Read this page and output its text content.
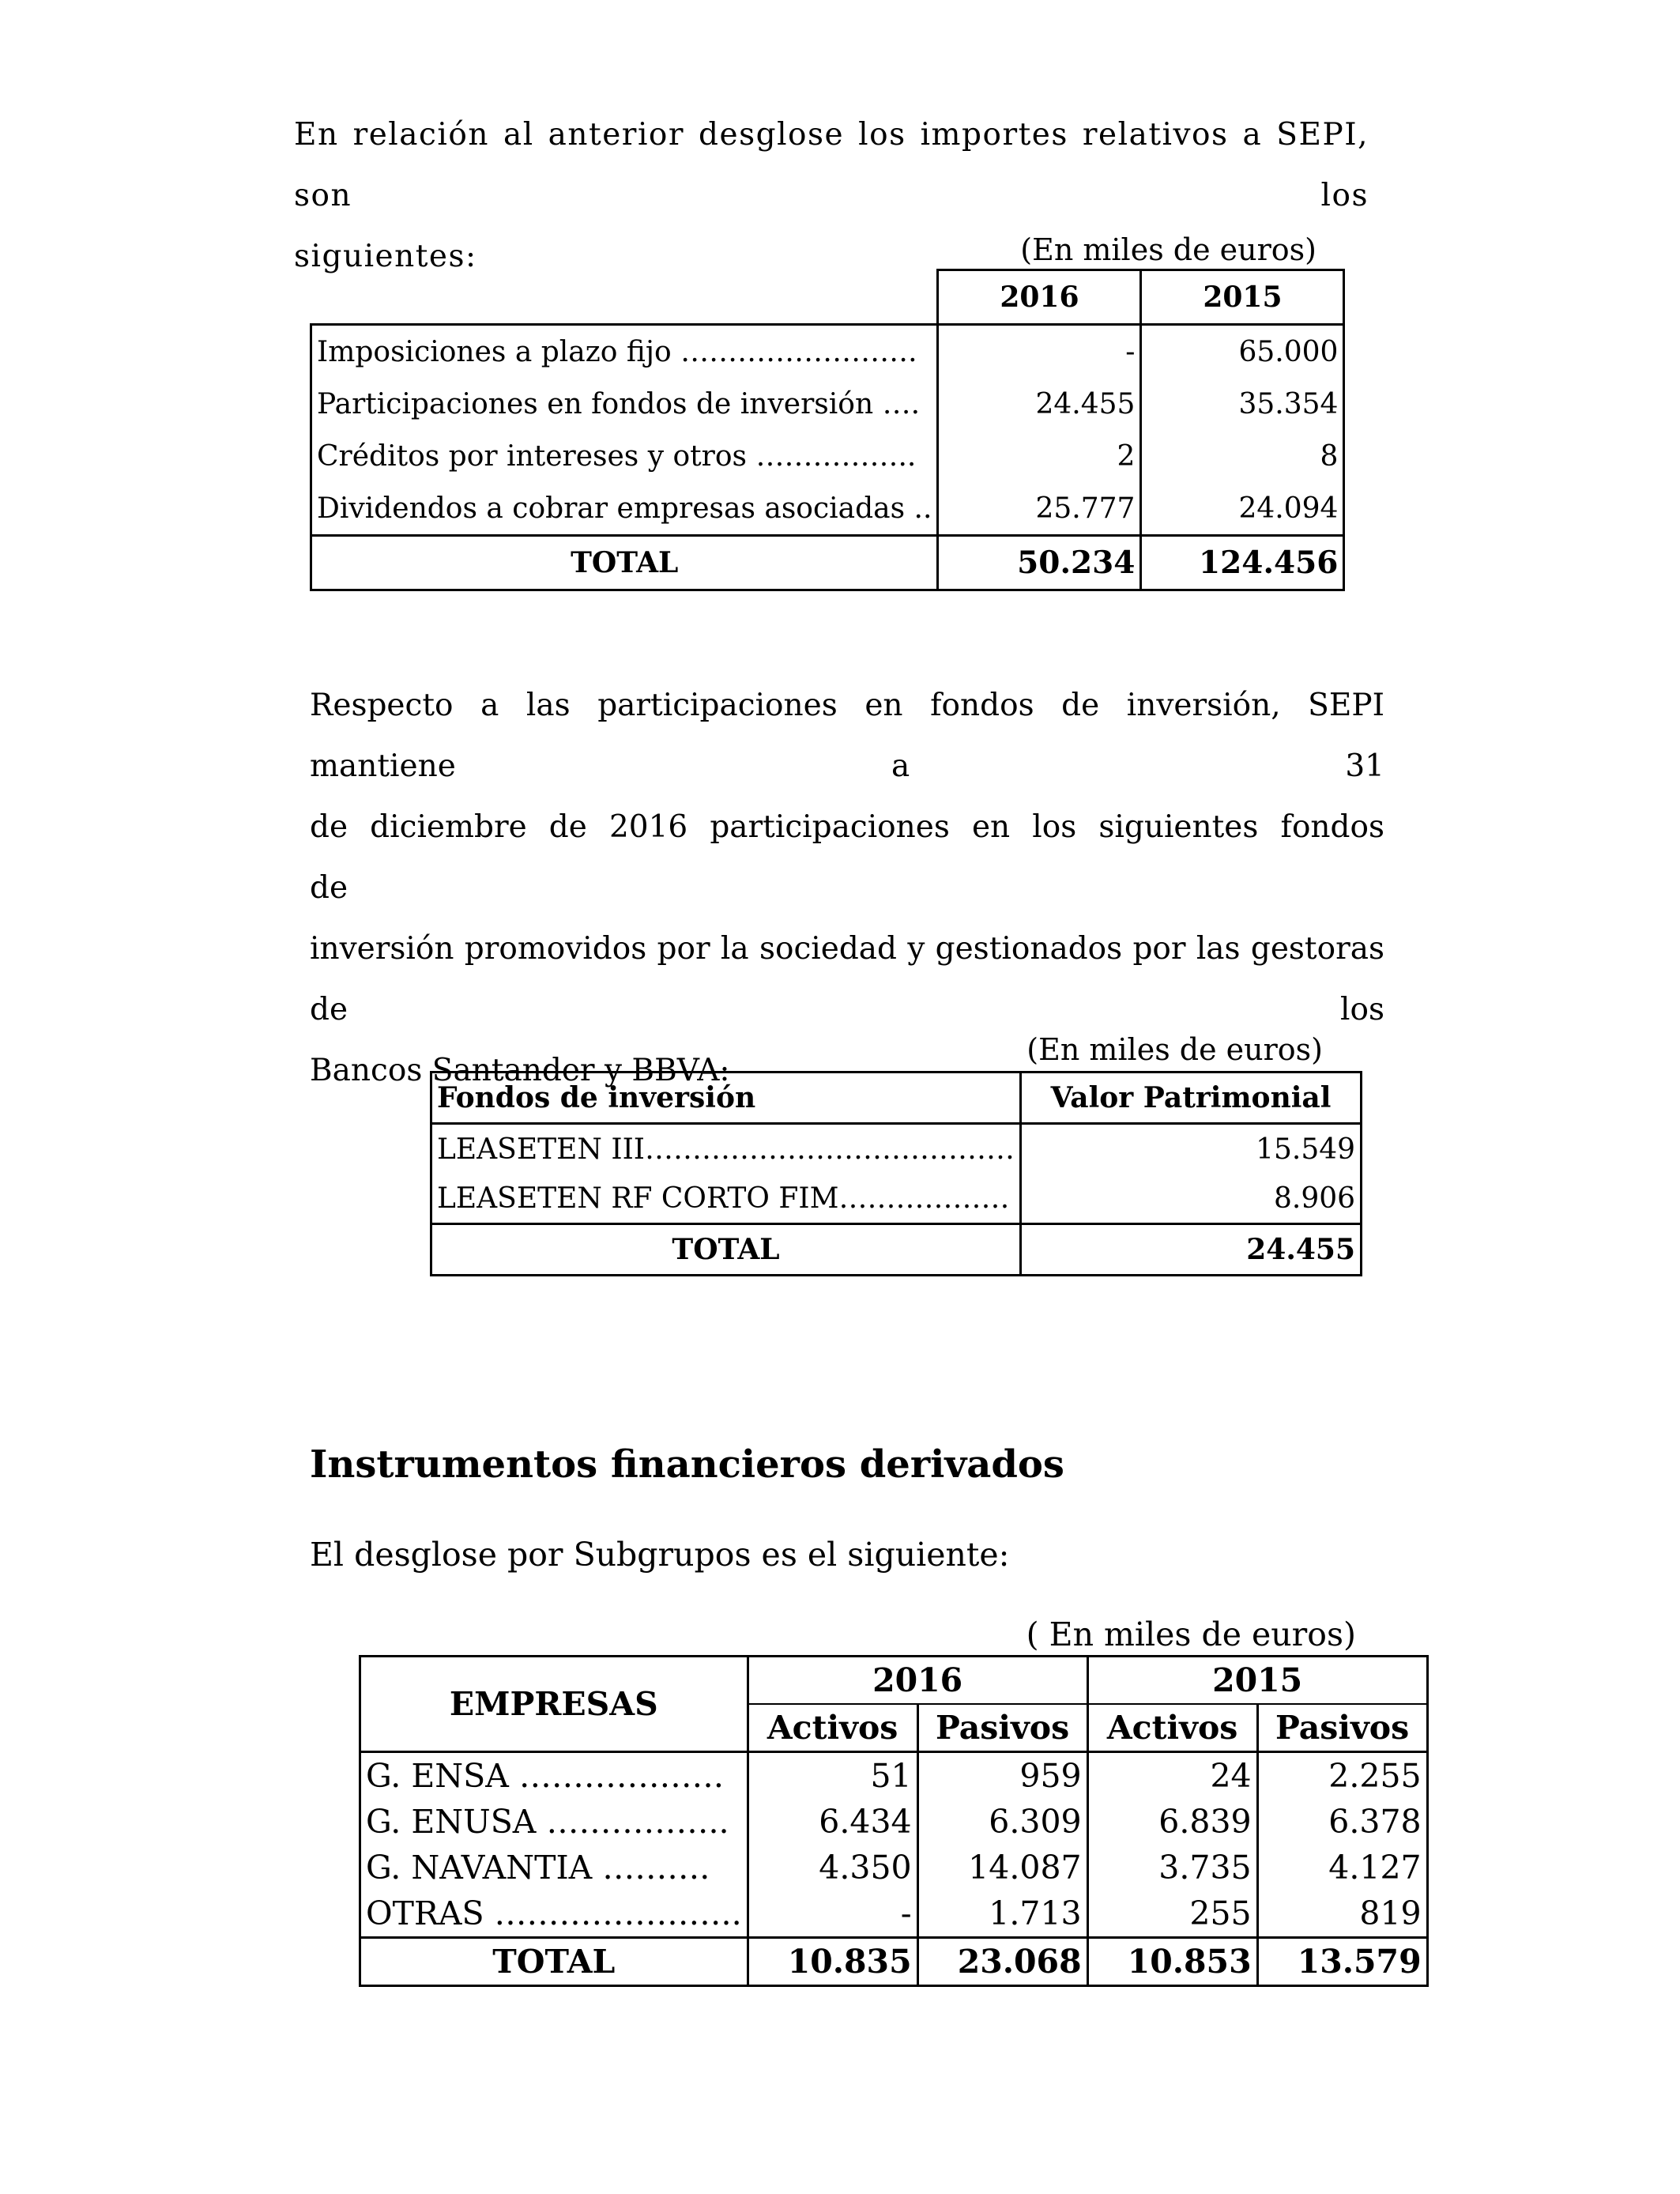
En relación al anterior desglose los importes relativos a SEPI, son los
siguientes:	(En miles de euros)
	2016	2015
Imposiciones a plazo fijo …………………….	-	65.000
Participaciones en fondos de inversión ….	24.455	35.354
Créditos por intereses y otros ……………..	2	8
Dividendos a cobrar empresas asociadas ..	25.777	24.094
TOTAL	50.234	124.456
Respecto a las participaciones en fondos de inversión, SEPI mantiene a 31
de diciembre de 2016 participaciones en los siguientes fondos de
inversión promovidos por la sociedad y gestionados por las gestoras de los
Bancos Santander y BBVA:
(En miles de euros)
Fondos de inversión	Valor Patrimonial
LEASETEN III…………………………………	15.549
LEASETEN RF CORTO FIM………………	8.906
TOTAL	24.455
Instrumentos financieros derivados
El desglose por Subgrupos es el siguiente:
( En miles de euros)
EMPRESAS	2016		2015	
	Activos	Pasivos	Activos	Pasivos
G. ENSA ……………….	51	959	24	2.255
G. ENUSA ……………..	6.434	6.309	6.839	6.378
G. NAVANTIA ……….	4.350	14.087	3.735	4.127
OTRAS …………………..	-	1.713	255	819
TOTAL	10.835	23.068	10.853	13.579
